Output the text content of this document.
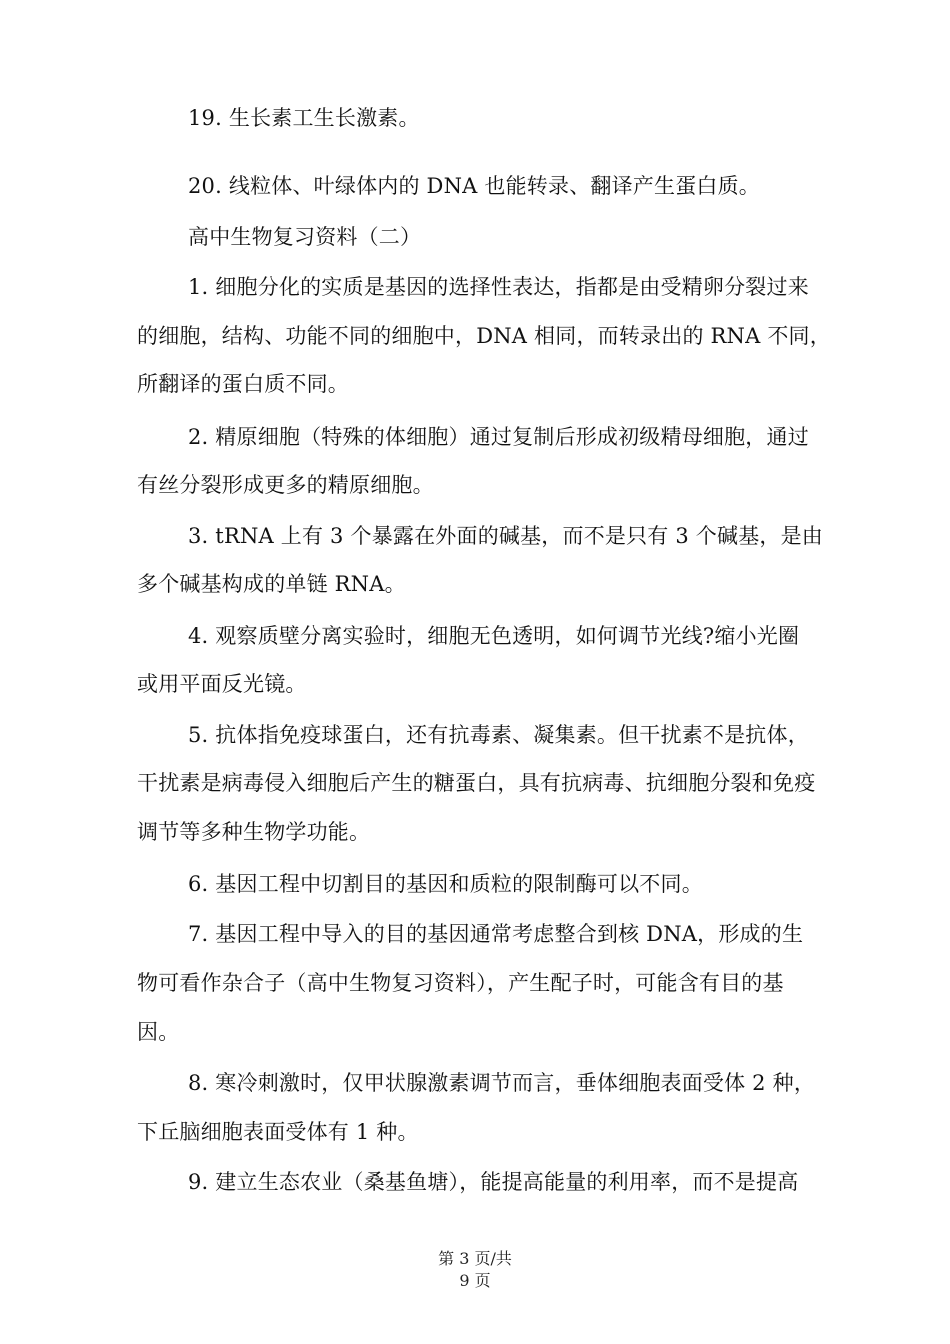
19. 生长素工生长激素。
20. 线粒体、叶绿体内的 DNA 也能转录、翻译产生蛋白质。
高中生物复习资料（二）
1. 细胞分化的实质是基因的选择性表达，指都是由受精卵分裂过来
的细胞，结构、功能不同的细胞中，DNA 相同，而转录出的 RNA 不同，
所翻译的蛋白质不同。
2. 精原细胞（特殊的体细胞）通过复制后形成初级精母细胞，通过
有丝分裂形成更多的精原细胞。
3. tRNA 上有 3 个暴露在外面的碱基，而不是只有 3 个碱基，是由
多个碱基构成的单链 RNA。
4. 观察质壁分离实验时，细胞无色透明，如何调节光线?缩小光圈
或用平面反光镜。
5. 抗体指免疫球蛋白，还有抗毒素、凝集素。但干扰素不是抗体，
干扰素是病毒侵入细胞后产生的糖蛋白，具有抗病毒、抗细胞分裂和免疫
调节等多种生物学功能。
6. 基因工程中切割目的基因和质粒的限制酶可以不同。
7. 基因工程中导入的目的基因通常考虑整合到核 DNA，形成的生
物可看作杂合子（高中生物复习资料），产生配子时，可能含有目的基
因。
8. 寒冷刺激时，仅甲状腺激素调节而言，垂体细胞表面受体 2 种，
下丘脑细胞表面受体有 1 种。
9. 建立生态农业（桑基鱼塘），能提高能量的利用率，而不是提高
第 3 页/共
9 页
